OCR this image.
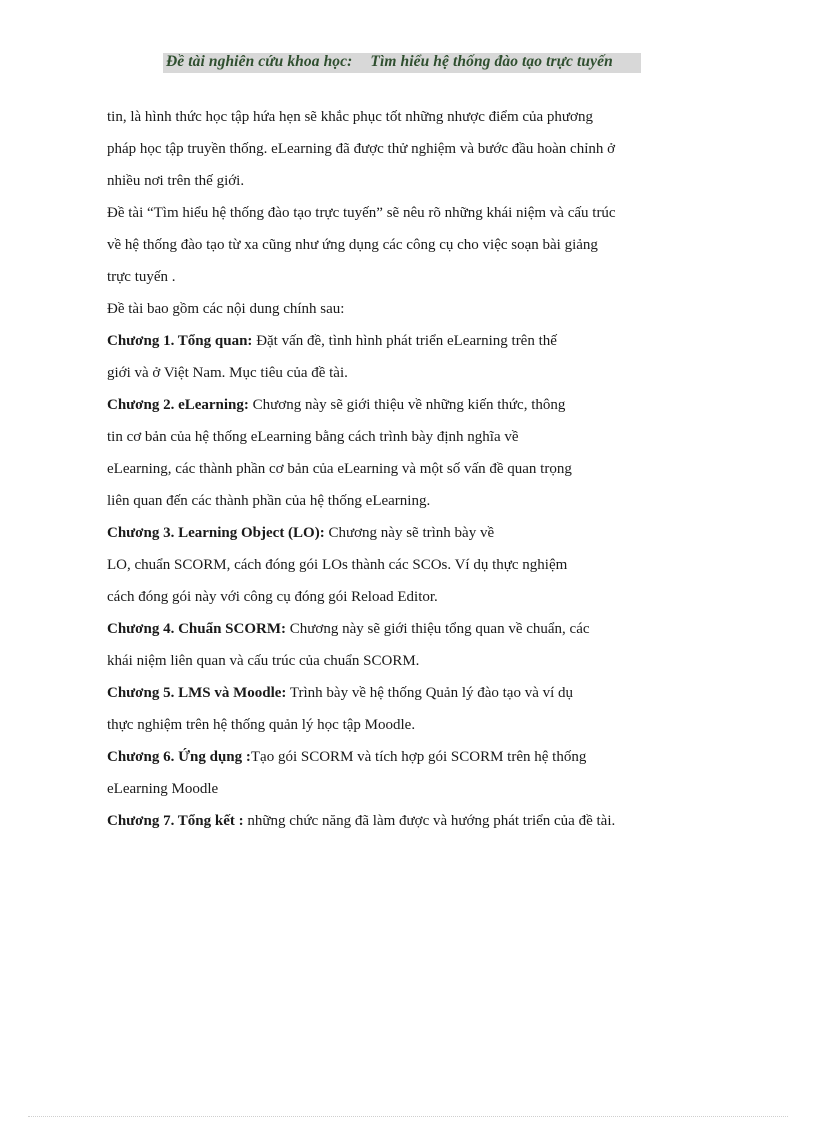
Đề tài nghiên cứu khoa học: Tìm hiểu hệ thống đào tạo trực tuyến
tin, là hình thức học tập hứa hẹn sẽ khắc phục tốt những nhược điểm của phương
pháp học tập truyền thống. eLearning đã được thử nghiệm và bước đầu hoàn chỉnh ở
nhiều nơi trên thế giới.
Đề tài “Tìm hiểu hệ thống đào tạo trực tuyến” sẽ nêu rõ những khái niệm và cấu trúc
về hệ thống đào tạo từ xa cũng như ứng dụng các công cụ cho việc soạn bài giảng
trực tuyến .
Đề tài bao gồm các nội dung chính sau:
Chương 1. Tổng quan: Đặt vấn đề, tình hình phát triển eLearning trên thế
giới và ở Việt Nam. Mục tiêu của đề tài.
Chương 2. eLearning: Chương này sẽ giới thiệu về những kiến thức, thông
tin cơ bản của hệ thống eLearning bằng cách trình bày định nghĩa về
eLearning, các thành phần cơ bản của eLearning và một số vấn đề quan trọng
liên quan đến các thành phần của hệ thống eLearning.
Chương 3. Learning Object (LO): Chương này sẽ trình bày về
LO, chuẩn SCORM, cách đóng gói LOs thành các SCOs. Ví dụ thực nghiệm
cách đóng gói này với công cụ đóng gói Reload Editor.
Chương 4. Chuẩn SCORM: Chương này sẽ giới thiệu tổng quan về chuẩn, các
khái niệm liên quan và cấu trúc của chuẩn SCORM.
Chương 5. LMS và Moodle: Trình bày về hệ thống Quản lý đào tạo và ví dụ
thực nghiệm trên hệ thống quản lý học tập Moodle.
Chương 6. Ứng dụng :Tạo gói SCORM và tích hợp gói SCORM trên hệ thống
eLearning Moodle
Chương 7. Tổng kết : những chức năng đã làm được và hướng phát triển của đề tài.
